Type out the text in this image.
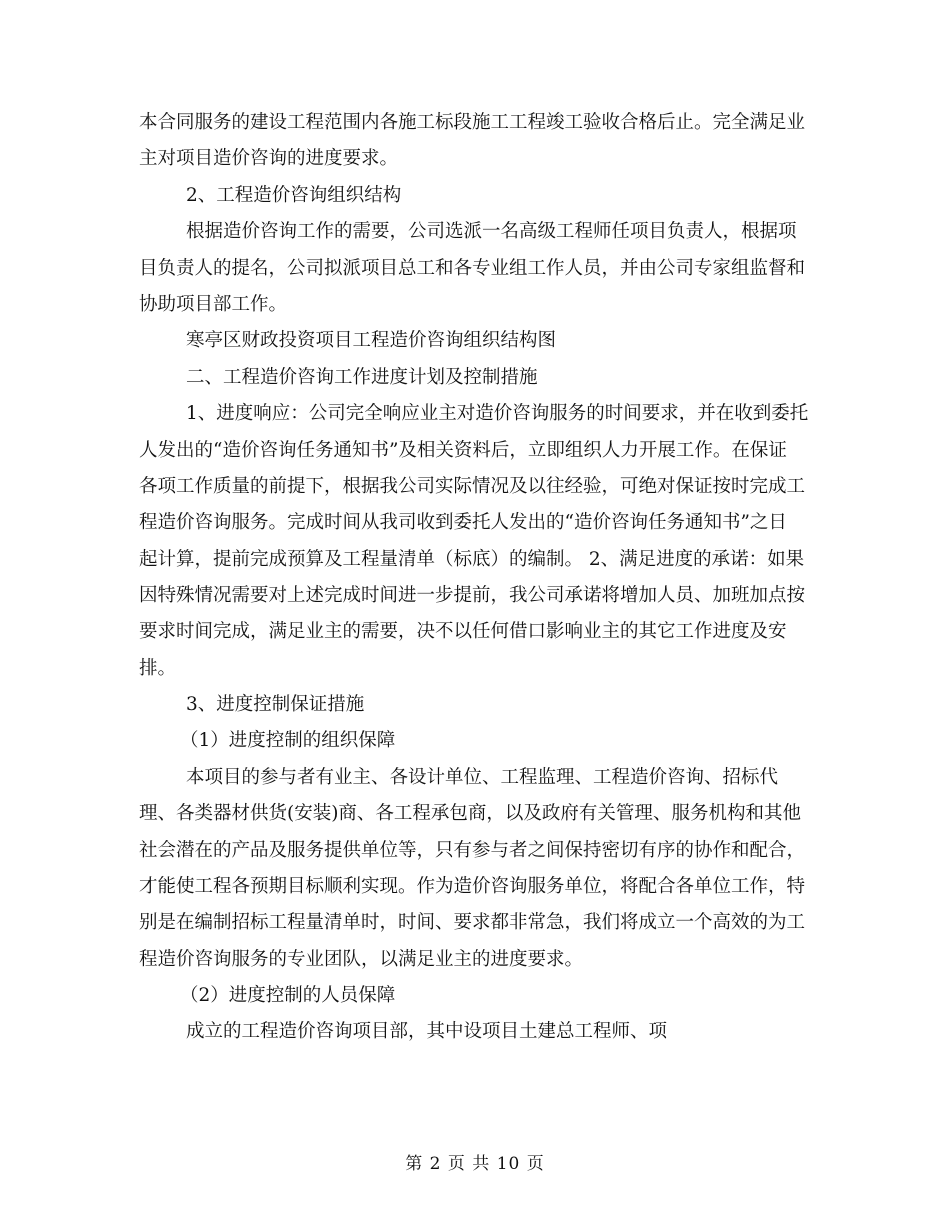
本合同服务的建设工程范围内各施工标段施工工程竣工验收合格后止。完全满足业
主对项目造价咨询的进度要求。
2、工程造价咨询组织结构
根据造价咨询工作的需要，公司选派一名高级工程师任项目负责人，根据项
目负责人的提名，公司拟派项目总工和各专业组工作人员，并由公司专家组监督和
协助项目部工作。
寒亭区财政投资项目工程造价咨询组织结构图
二、工程造价咨询工作进度计划及控制措施
1、进度响应：公司完全响应业主对造价咨询服务的时间要求，并在收到委托
人发出的“造价咨询任务通知书”及相关资料后，立即组织人力开展工作。在保证
各项工作质量的前提下，根据我公司实际情况及以往经验，可绝对保证按时完成工
程造价咨询服务。完成时间从我司收到委托人发出的“造价咨询任务通知书”之日
起计算，提前完成预算及工程量清单（标底）的编制。 2、满足进度的承诺：如果
因特殊情况需要对上述完成时间进一步提前，我公司承诺将增加人员、加班加点按
要求时间完成，满足业主的需要，决不以任何借口影响业主的其它工作进度及安
排。
3、进度控制保证措施
（1）进度控制的组织保障
本项目的参与者有业主、各设计单位、工程监理、工程造价咨询、招标代
理、各类器材供货(安装)商、各工程承包商，以及政府有关管理、服务机构和其他
社会潜在的产品及服务提供单位等，只有参与者之间保持密切有序的协作和配合，
才能使工程各预期目标顺利实现。作为造价咨询服务单位，将配合各单位工作，特
别是在编制招标工程量清单时，时间、要求都非常急，我们将成立一个高效的为工
程造价咨询服务的专业团队，以满足业主的进度要求。
（2）进度控制的人员保障
成立的工程造价咨询项目部，其中设项目土建总工程师、项
第 2 页 共 10 页
